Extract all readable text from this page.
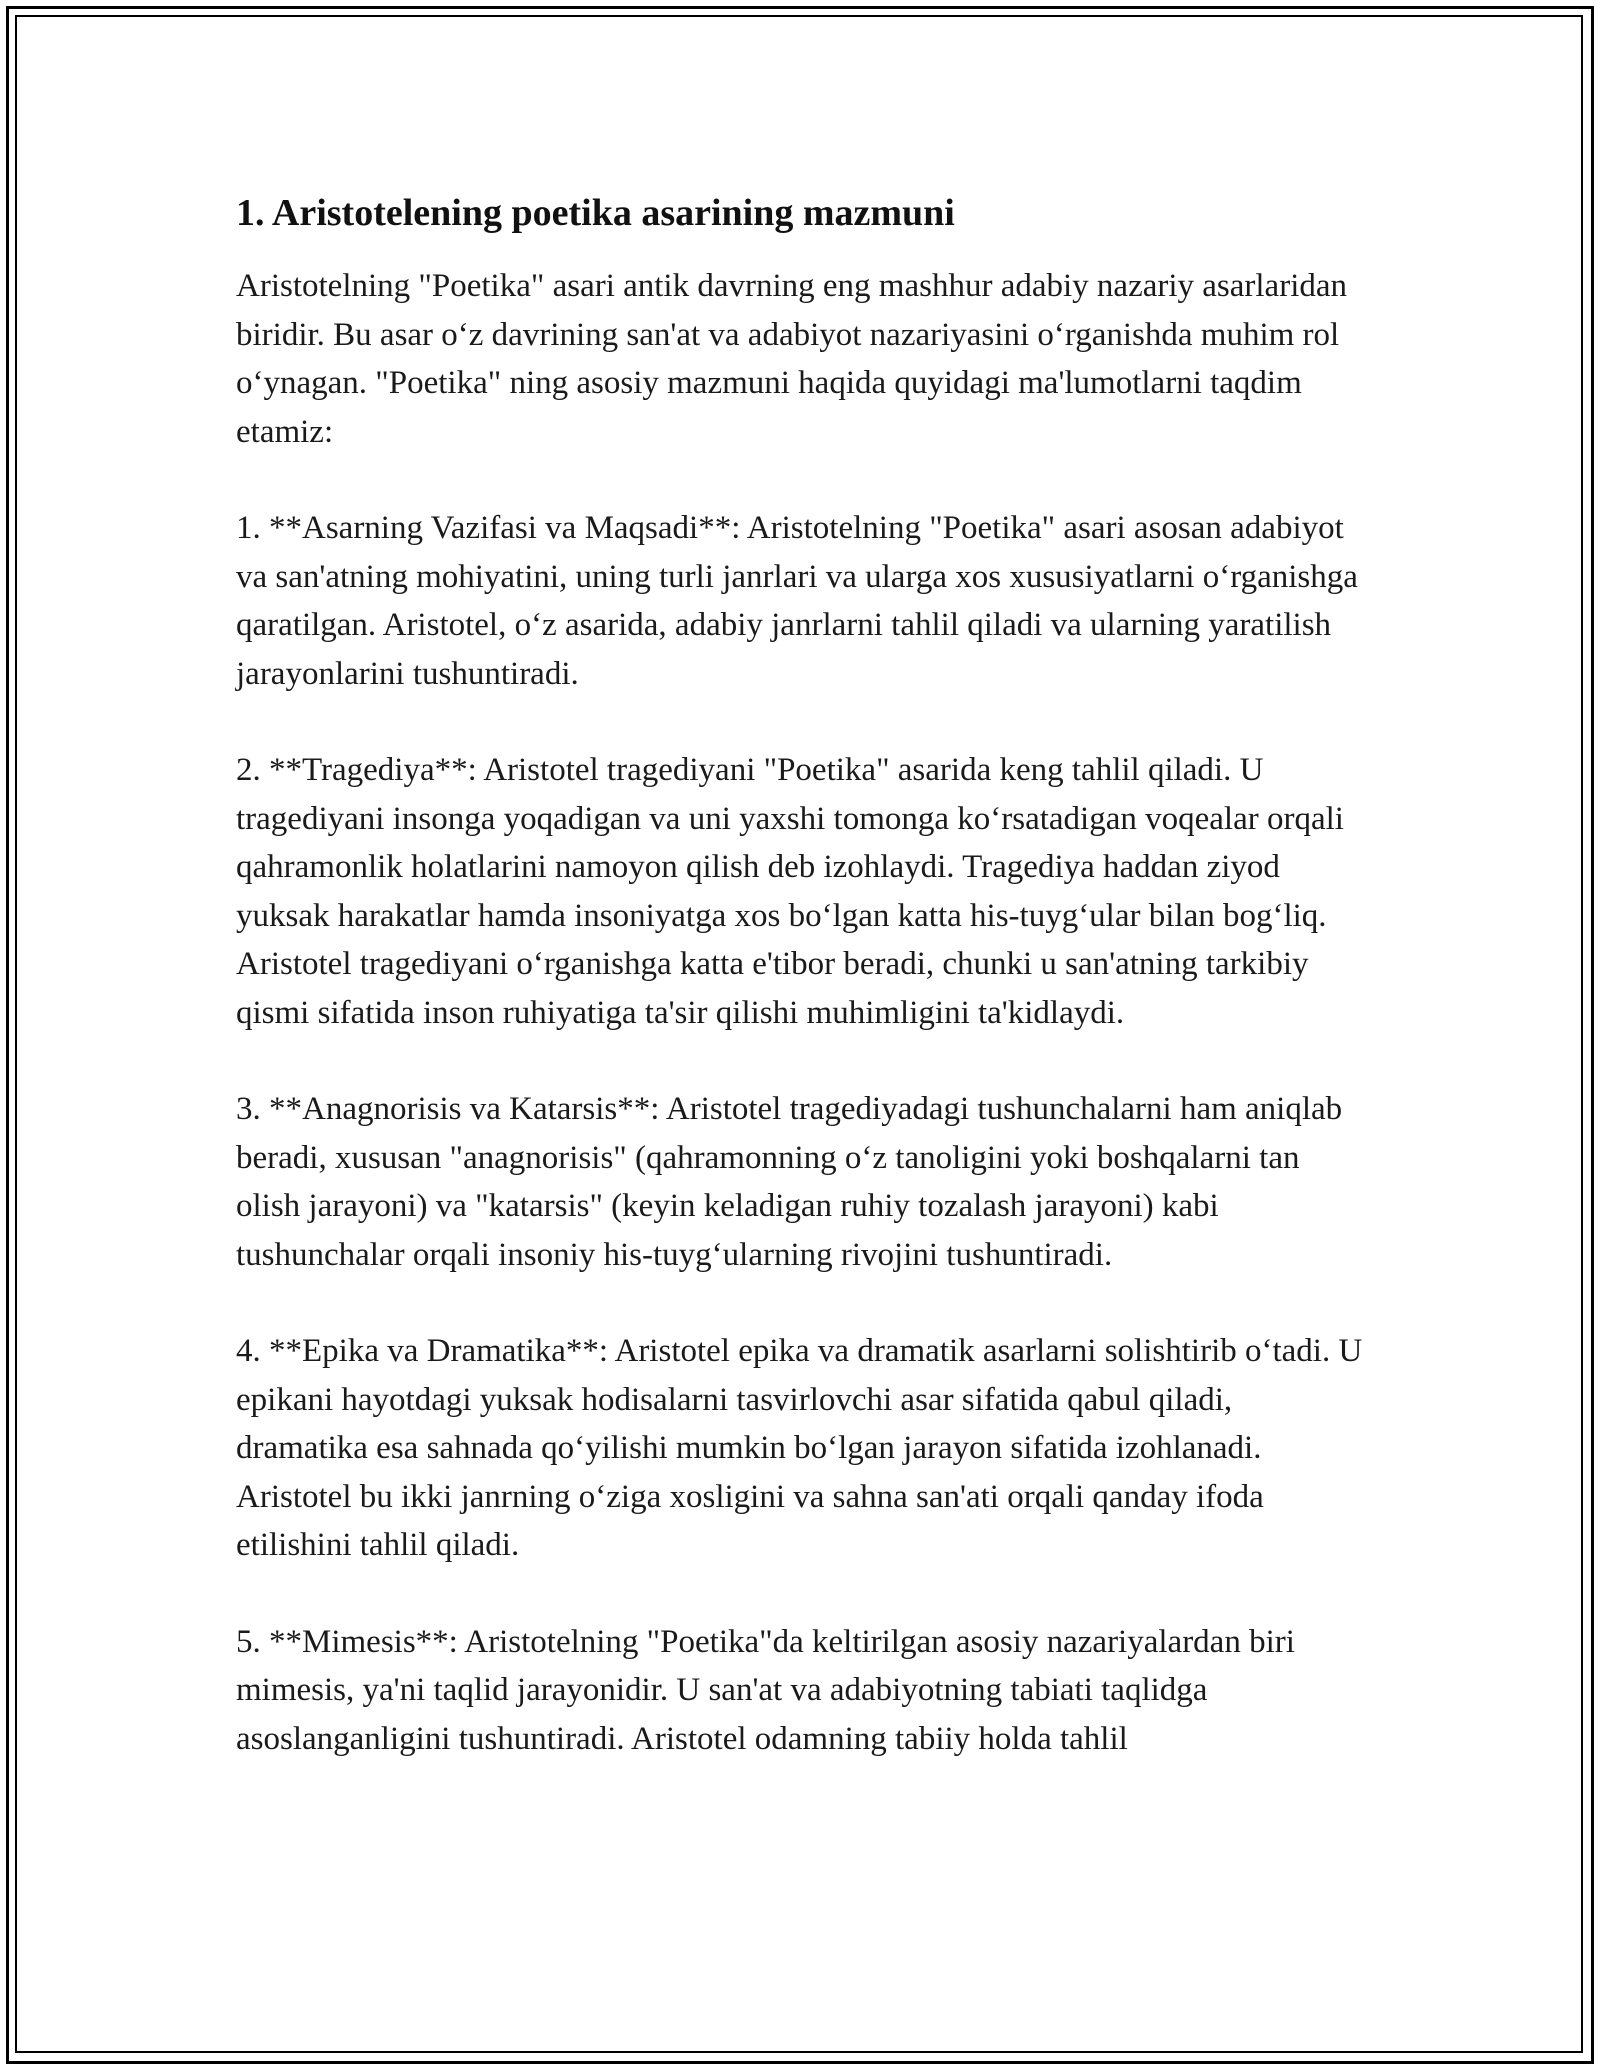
1. Aristotelening poetika asarining mazmuni

Aristotelning "Poetika" asari antik davrning eng mashhur adabiy nazariy asarlaridan biridir. Bu asar o‘z davrining san'at va adabiyot nazariyasini o‘rganishda muhim rol o‘ynagan. "Poetika" ning asosiy mazmuni haqida quyidagi ma'lumotlarni taqdim etamiz:

1. **Asarning Vazifasi va Maqsadi**: Aristotelning "Poetika" asari asosan adabiyot va san'atning mohiyatini, uning turli janrlari va ularga xos xususiyatlarni o‘rganishga qaratilgan. Aristotel, o‘z asarida, adabiy janrlarni tahlil qiladi va ularning yaratilish jarayonlarini tushuntiradi.

2. **Tragediya**: Aristotel tragediyani "Poetika" asarida keng tahlil qiladi. U tragediyani insonga yoqadigan va uni yaxshi tomonga ko‘rsatadigan voqealar orqali qahramonlik holatlarini namoyon qilish deb izohlaydi. Tragediya haddan ziyod yuksak harakatlar hamda insoniyatga xos bo‘lgan katta his-tuyg‘ular bilan bog‘liq. Aristotel tragediyani o‘rganishga katta e'tibor beradi, chunki u san'atning tarkibiy qismi sifatida inson ruhiyatiga ta'sir qilishi muhimligini ta'kidlaydi.

3. **Anagnorisis va Katarsis**: Aristotel tragediyadagi tushunchalarni ham aniqlab beradi, xususan "anagnorisis" (qahramonning o‘z tanoligini yoki boshqalarni tan olish jarayoni) va "katarsis" (keyin keladigan ruhiy tozalash jarayoni) kabi tushunchalar orqali insoniy his-tuyg‘ularning rivojini tushuntiradi.

4. **Epika va Dramatika**: Aristotel epika va dramatik asarlarni solishtirib o‘tadi. U epikani hayotdagi yuksak hodisalarni tasvirlovchi asar sifatida qabul qiladi, dramatika esa sahnada qo‘yilishi mumkin bo‘lgan jarayon sifatida izohlanadi. Aristotel bu ikki janrning o‘ziga xosligini va sahna san'ati orqali qanday ifoda etilishini tahlil qiladi.

5. **Mimesis**: Aristotelning "Poetika"da keltirilgan asosiy nazariyalardan biri mimesis, ya'ni taqlid jarayonidir. U san'at va adabiyotning tabiati taqlidga asoslanganligini tushuntiradi. Aristotel odamning tabiiy holda tahlil
